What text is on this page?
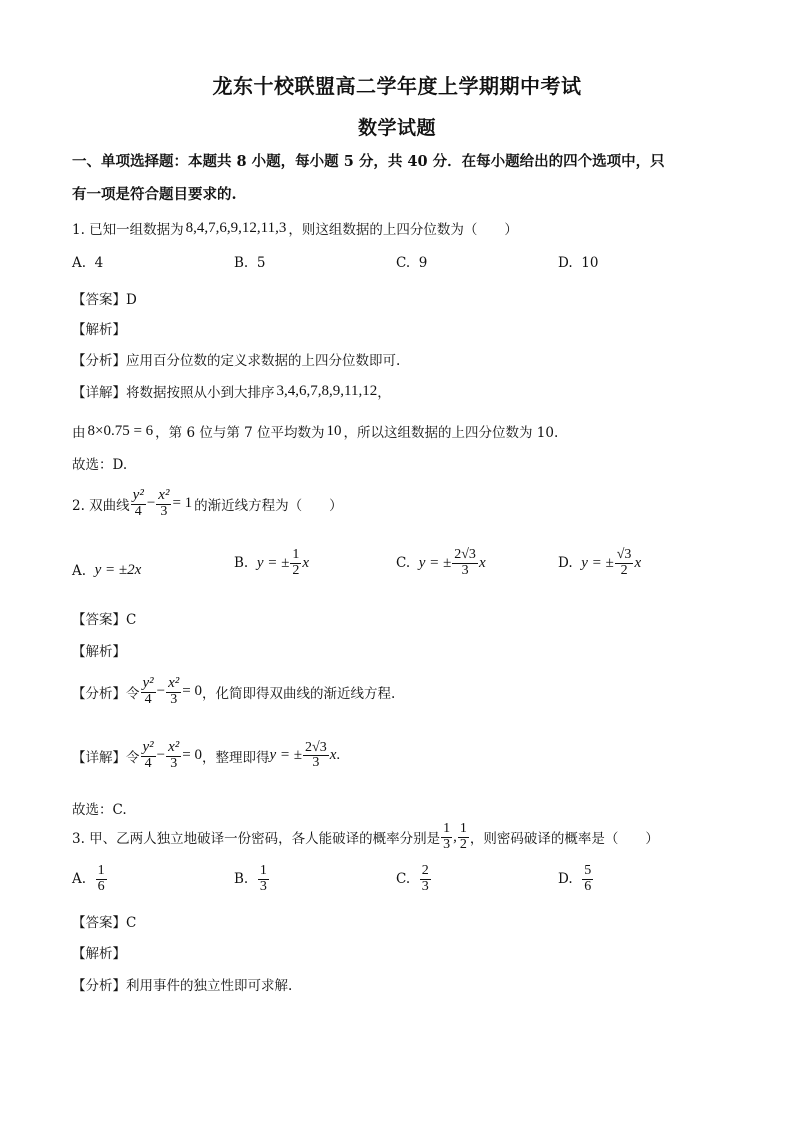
龙东十校联盟高二学年度上学期期中考试
数学试题
一、单项选择题：本题共 8 小题，每小题 5 分，共 40 分．在每小题给出的四个选项中，只
有一项是符合题目要求的.
1. 已知一组数据为 8,4,7,6,9,12,11,3 ，则这组数据的上四分位数为（　　）
A. 4	B. 5	C. 9	D. 10
【答案】D
【解析】
【分析】应用百分位数的定义求数据的上四分位数即可.
【详解】 将数据按照从小到大排序 3,4,6,7,8,9,11,12 ，
由 8×0.75 = 6 ，第 6 位与第 7 位平均数为 10 ，所以这组数据的上四分位数为 10.
故选：D.
2. 双曲线 $\frac{\text{y²}}{4} - \frac{\text{x²}}{3} = 1$ 的渐近线方程为（　　）
A.
y = ±2x	B.
y = ± $\frac{1}{2}$ x	C.
y = ± $\frac{2√3}{3}$ x	D.
y = ± $\frac{√3}{2}$ x
【答案】C
【解析】
【分析】 令 $\frac{\text{y²}}{4} - \frac{\text{x²}}{3} = 0$ ，化简即得双曲线的渐近线方程.
【详解】 令 $\frac{\text{y²}}{4} - \frac{\text{x²}}{3} = 0$ ，整理即得 y = ± $\frac{2√3}{3}$ x .
故选：C.
3. 甲、乙两人独立地破译一份密码，各人能破译的概率分别是 $\frac{1}{3}$ , $\frac{1}{2}$ ，则密码破译的概率是（　　）
A.
$\frac{1}{6}$	B.
$\frac{1}{3}$	C.
$\frac{2}{3}$	D.
$\frac{5}{6}$
【答案】C
【解析】
【分析】利用事件的独立性即可求解.
